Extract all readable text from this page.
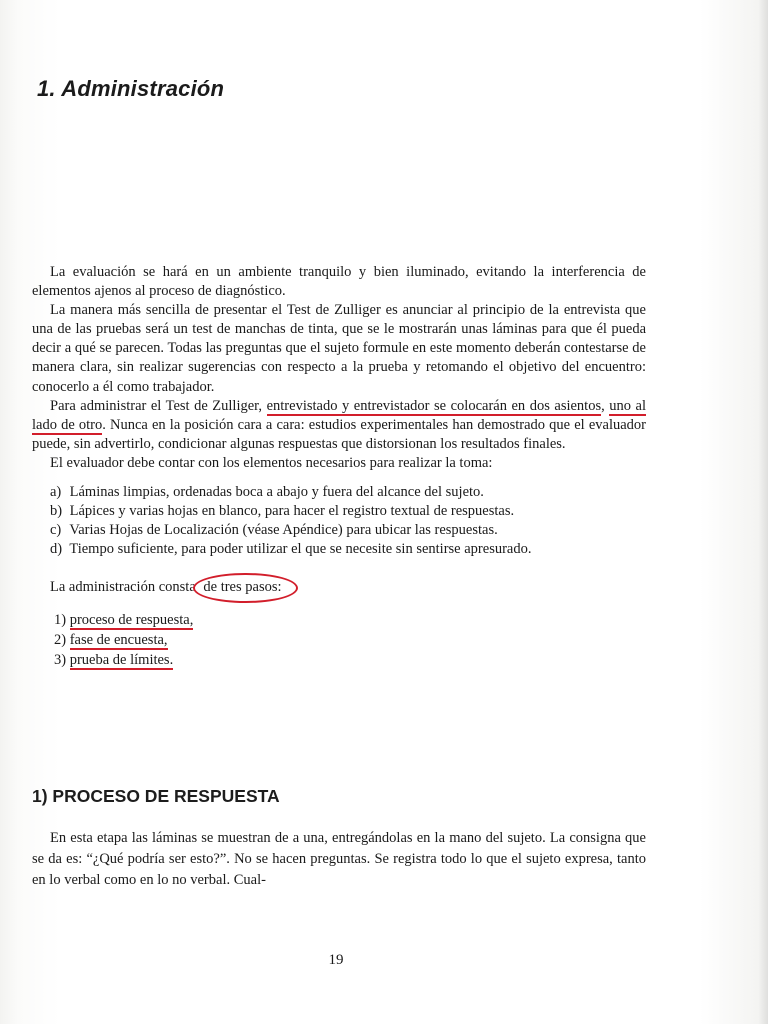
1. Administración

La evaluación se hará en un ambiente tranquilo y bien iluminado, evitando la interferencia de elementos ajenos al proceso de diagnóstico.

La manera más sencilla de presentar el Test de Zulliger es anunciar al principio de la entrevista que una de las pruebas será un test de manchas de tinta, que se le mostrarán unas láminas para que él pueda decir a qué se parecen. Todas las preguntas que el sujeto formule en este momento deberán contestarse de manera clara, sin realizar sugerencias con respecto a la prueba y retomando el objetivo del encuentro: conocerlo a él como trabajador.

Para administrar el Test de Zulliger, entrevistado y entrevistador se colocarán en dos asientos, uno al lado de otro. Nunca en la posición cara a cara: estudios experimentales han demostrado que el evaluador puede, sin advertirlo, condicionar algunas respuestas que distorsionan los resultados finales.

El evaluador debe contar con los elementos necesarios para realizar la toma:

a) Láminas limpias, ordenadas boca a abajo y fuera del alcance del sujeto.
b) Lápices y varias hojas en blanco, para hacer el registro textual de respuestas.
c) Varias Hojas de Localización (véase Apéndice) para ubicar las respuestas.
d) Tiempo suficiente, para poder utilizar el que se necesite sin sentirse apresurado.

La administración consta de tres pasos:

1) proceso de respuesta,
2) fase de encuesta,
3) prueba de límites.
1) PROCESO DE RESPUESTA

En esta etapa las láminas se muestran de a una, entregándolas en la mano del sujeto. La consigna que se da es: “¿Qué podría ser esto?”. No se hacen preguntas. Se registra todo lo que el sujeto expresa, tanto en lo verbal como en lo no verbal. Cual-

19
